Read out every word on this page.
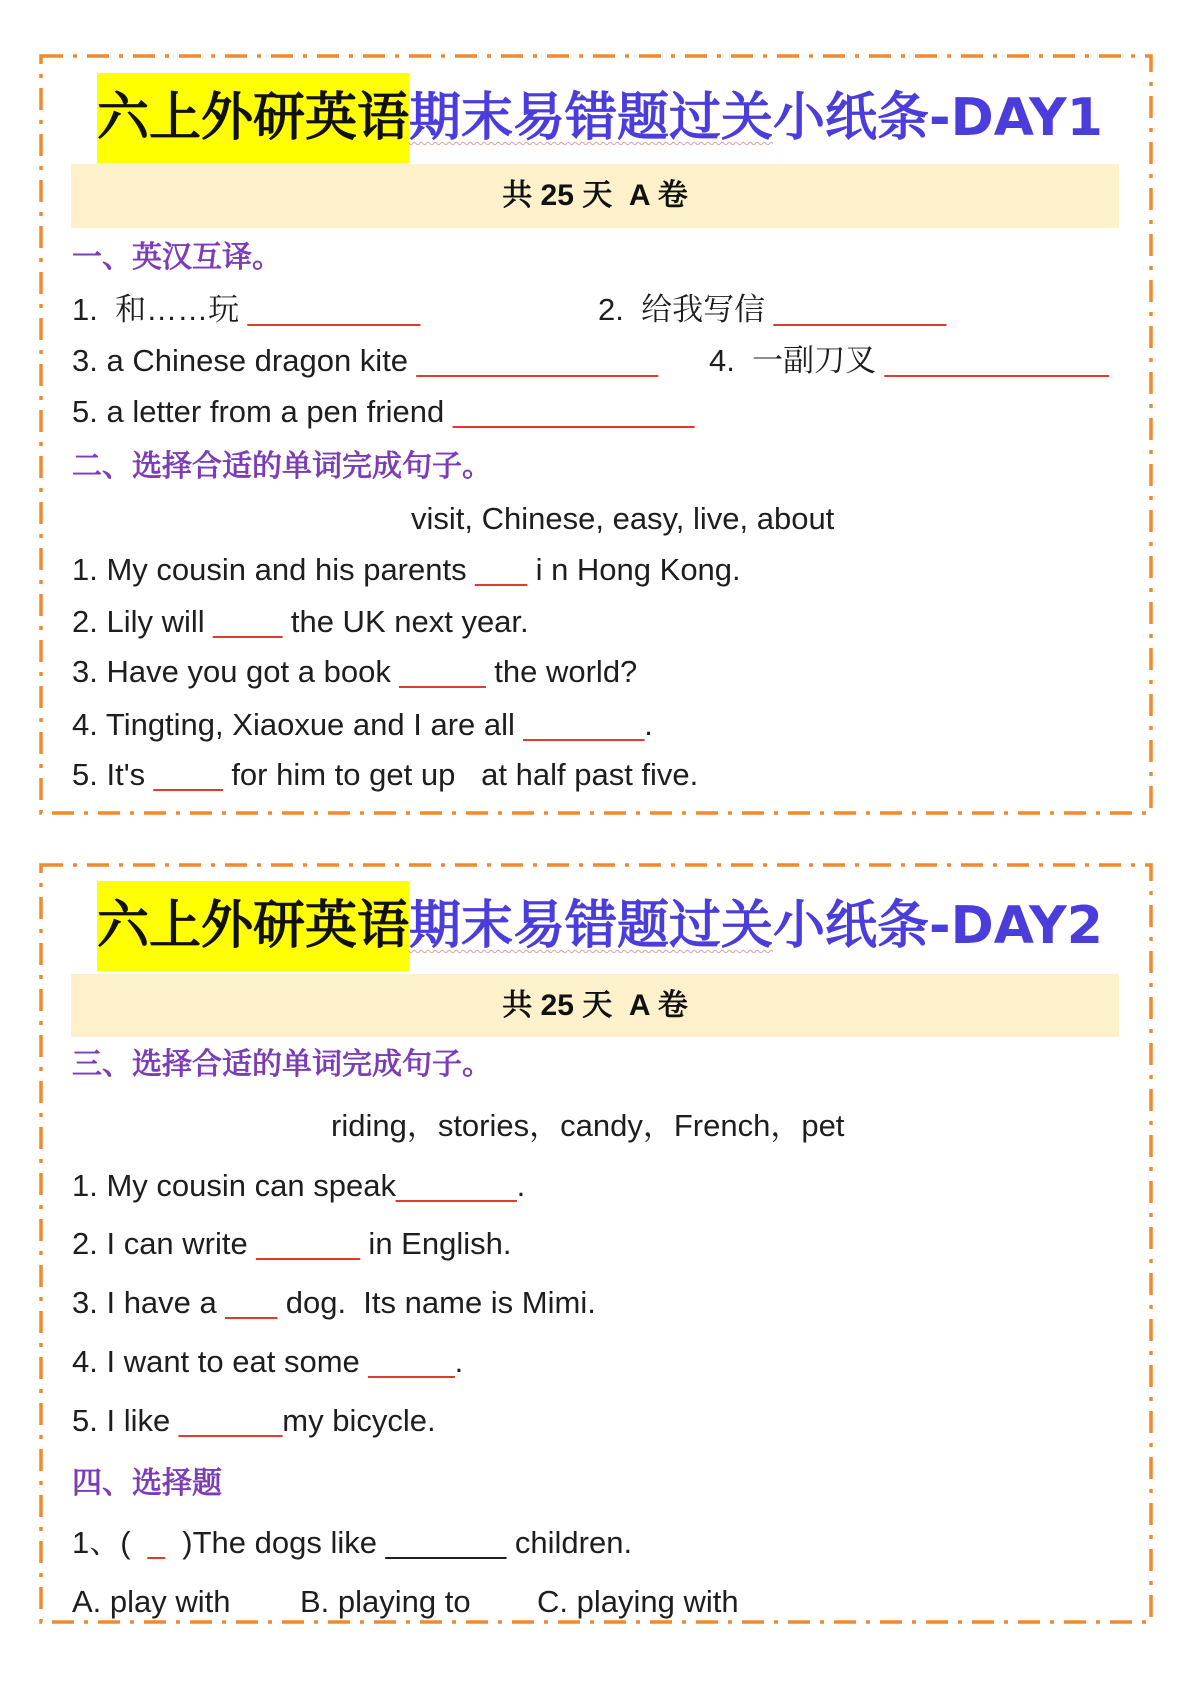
六上外研英语期末易错题过关小纸条-DAY1
共 25 天  A 卷
一、英汉互译。
1.  和……玩 __________	2.  给我写信 __________
3. a Chinese dragon kite ______________ 4.  一副刀叉 _____________
5. a letter from a pen friend ______________
二、选择合适的单词完成句子。
visit, Chinese, easy, live, about
1. My cousin and his parents ___ i n Hong Kong.
2. Lily will ____ the UK next year.
3. Have you got a book _____ the world?
4. Tingting, Xiaoxue and I are all _______.
5. It's ____ for him to get up   at half past five.
六上外研英语期末易错题过关小纸条-DAY2
共 25 天  A 卷
三、选择合适的单词完成句子。
riding，stories，candy，French，pet
1. My cousin can speak_______.
2. I can write ______ in English.
3. I have a ___ dog.  Its name is Mimi.
4. I want to eat some _____.
5. I like ______my bicycle.
四、选择题
1、(  _  )The dogs like _______ children.
A. play with B. playing to C. playing with
